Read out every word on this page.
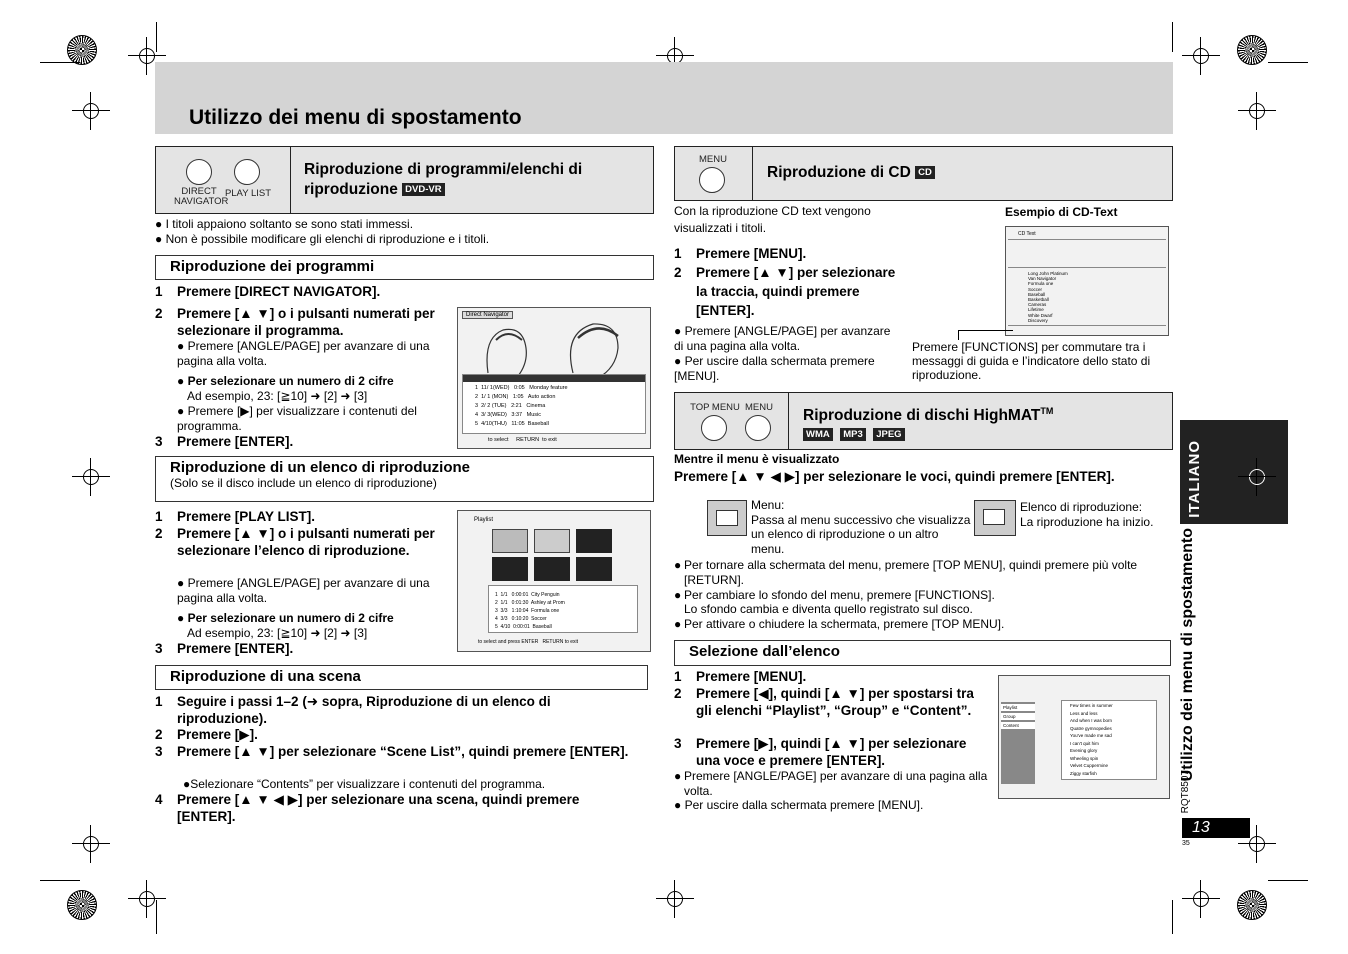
Utilizzo dei menu di spostamento
DIRECT NAVIGATOR
PLAY LIST
Riproduzione di programmi/elenchi di riproduzione DVD-VR
● I titoli appaiono soltanto se sono stati immessi.
● Non è possibile modificare gli elenchi di riproduzione e i titoli.
Riproduzione dei programmi
1 Premere [DIRECT NAVIGATOR].
2	Premere [▲ ▼] o i pulsanti numerati per selezionare il programma.
● Premere [ANGLE/PAGE] per avanzare di una pagina alla volta.
● Per selezionare un numero di 2 cifre
Ad esempio, 23: [≧10] ➜ [2] ➜ [3]
● Premere [▶] per visualizzare i contenuti del programma.
3 Premere [ENTER].
Direct Navigator
1  11/ 1(WED)   0:05   Monday feature
2  1/ 1 (MON)   1:05   Auto action
3  2/ 2 (TUE)   2:21   Cinema
4  3/ 3(WED)   3:37   Music
5  4/10(THU)   11:05  Baseball
to select     RETURN  to exit
Riproduzione di un elenco di riproduzione
(Solo se il disco include un elenco di riproduzione)
1 Premere [PLAY LIST].
2	Premere [▲ ▼] o i pulsanti numerati per selezionare l’elenco di riproduzione.
● Premere [ANGLE/PAGE] per avanzare di una pagina alla volta.
● Per selezionare un numero di 2 cifre
Ad esempio, 23: [≧10] ➜ [2] ➜ [3]
3 Premere [ENTER].
Playlist
1  1/1   0:00:01  City Penguin
2  1/1   0:01:30  Ashley at Prom
3  3/3   1:10:04  Formula one
4  3/3   0:10:20  Soccer
5  4/10  0:00:01  Baseball
to select and press ENTER   RETURN to exit
Riproduzione di una scena
1	Seguire i passi 1–2 (➜ sopra, Riproduzione di un elenco di riproduzione).
2 Premere [▶].
3	Premere [▲ ▼] per selezionare “Scene List”, quindi premere [ENTER].
●Selezionare “Contents” per visualizzare i contenuti del programma.
4	Premere [▲ ▼ ◀ ▶] per selezionare una scena, quindi premere [ENTER].
MENU
Riproduzione di CD CD
Con la riproduzione CD text vengono visualizzati i titoli.
Esempio di CD-Text
CD Text
Long John Platinum
Van Navigator
Formula one
Soccer
Baseball
Basketball
Cameras
Lifetime
White Dwarf
Discovery
1 Premere [MENU].
2	Premere [▲ ▼] per selezionare la traccia, quindi premere [ENTER].
● Premere [ANGLE/PAGE] per avanzare di una pagina alla volta.
● Per uscire dalla schermata premere [MENU].
Premere [FUNCTIONS] per commutare tra i messaggi di guida e l’indicatore dello stato di riproduzione.
TOP MENU MENU	Riproduzione di dischi HighMAT™
WMA MP3 JPEG
Mentre il menu è visualizzato
Premere [▲ ▼ ◀ ▶] per selezionare le voci, quindi premere [ENTER].
Menu:
Passa al menu successivo che visualizza un elenco di riproduzione o un altro menu.
Elenco di riproduzione:
La riproduzione ha inizio.
● Per tornare alla schermata del menu, premere [TOP MENU], quindi premere più volte [RETURN].
● Per cambiare lo sfondo del menu, premere [FUNCTIONS].
Lo sfondo cambia e diventa quello registrato sul disco.
● Per attivare o chiudere la schermata, premere [TOP MENU].
Selezione dall’elenco
1 Premere [MENU].
2	Premere [◀], quindi [▲ ▼] per spostarsi tra gli elenchi “Playlist”, “Group” e “Content”.
3	Premere [▶], quindi [▲ ▼] per selezionare una voce e premere [ENTER].
● Premere [ANGLE/PAGE] per avanzare di una pagina alla volta.
● Per uscire dalla schermata premere [MENU].
Playlist
Group
Content
Few times in summer
Less and less
And when I was born
Quatre gymnopedies
You've made me sad
I can't quit him
Evening glory
Wheeling spin
Velvet Cuppermine
Ziggy starfish
ITALIANO
Utilizzo dei menu di spostamento
RQT8507
13
35
